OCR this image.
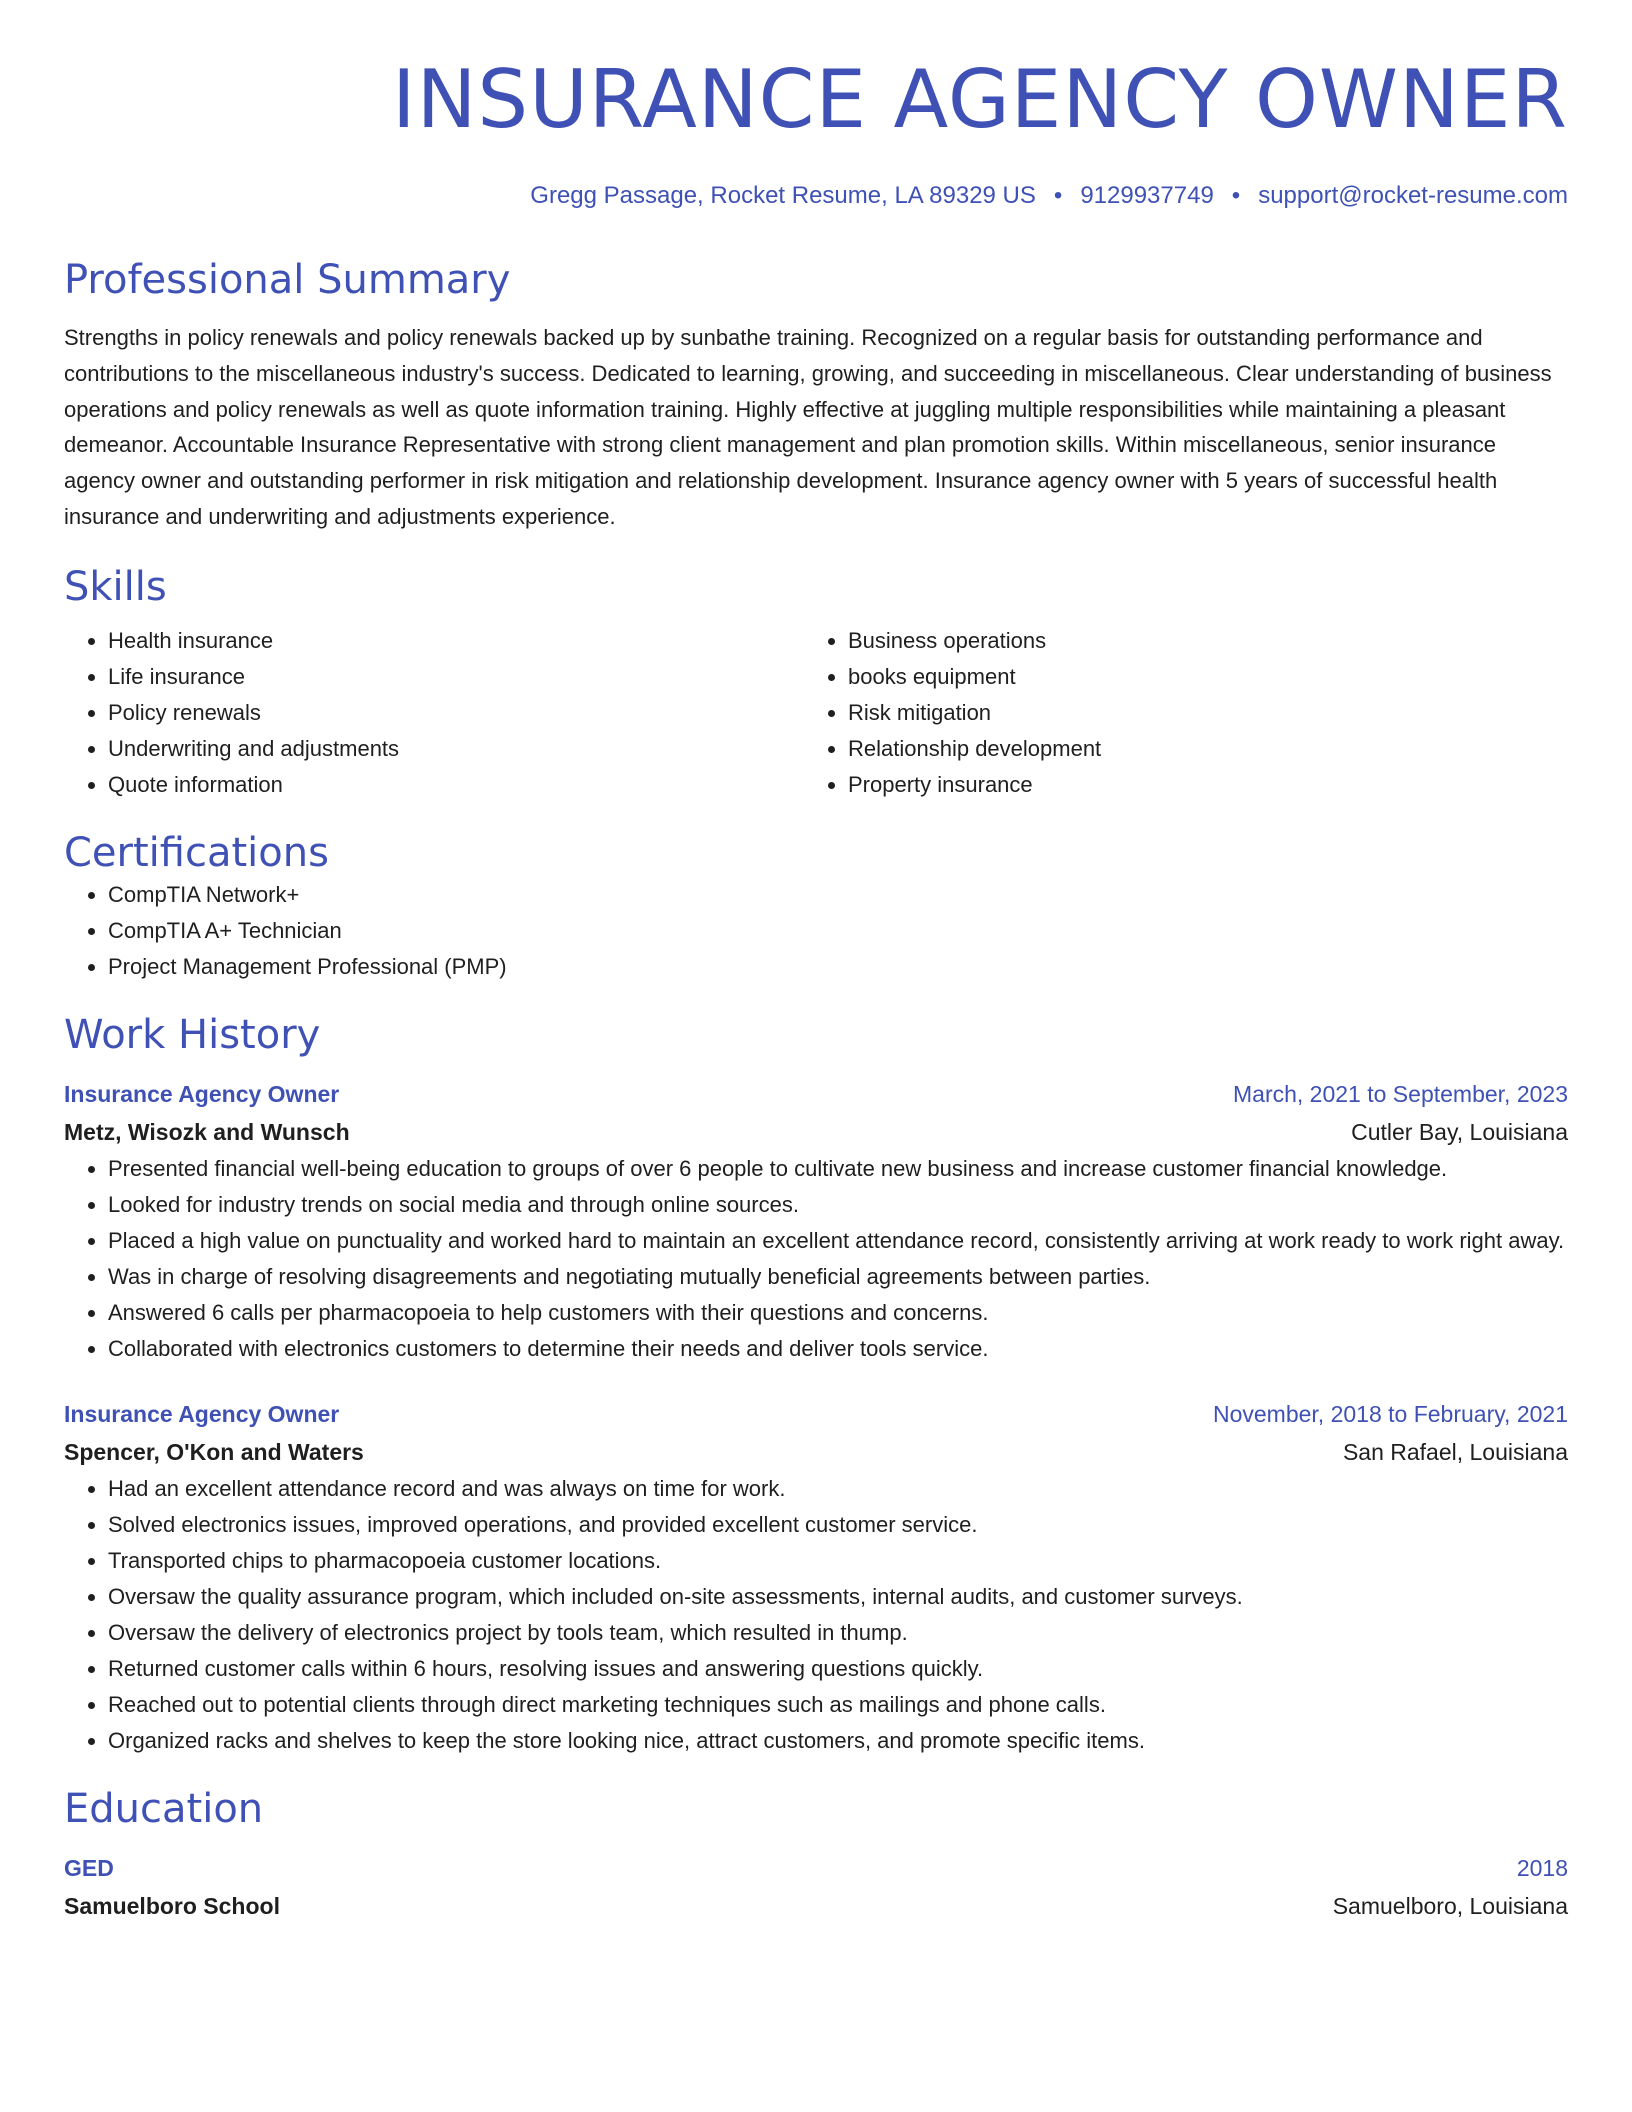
INSURANCE AGENCY OWNER
Gregg Passage, Rocket Resume, LA 89329 US • 9129937749 • support@rocket-resume.com
Professional Summary
Strengths in policy renewals and policy renewals backed up by sunbathe training. Recognized on a regular basis for outstanding performance and contributions to the miscellaneous industry's success. Dedicated to learning, growing, and succeeding in miscellaneous. Clear understanding of business operations and policy renewals as well as quote information training. Highly effective at juggling multiple responsibilities while maintaining a pleasant demeanor. Accountable Insurance Representative with strong client management and plan promotion skills. Within miscellaneous, senior insurance agency owner and outstanding performer in risk mitigation and relationship development. Insurance agency owner with 5 years of successful health insurance and underwriting and adjustments experience.
Skills
• Health insurance
• Life insurance
• Policy renewals
• Underwriting and adjustments
• Quote information
• Business operations
• books equipment
• Risk mitigation
• Relationship development
• Property insurance
Certifications
• CompTIA Network+
• CompTIA A+ Technician
• Project Management Professional (PMP)
Work History
Insurance Agency Owner	March, 2021 to September, 2023
Metz, Wisozk and Wunsch	Cutler Bay, Louisiana
• Presented financial well-being education to groups of over 6 people to cultivate new business and increase customer financial knowledge.
• Looked for industry trends on social media and through online sources.
• Placed a high value on punctuality and worked hard to maintain an excellent attendance record, consistently arriving at work ready to work right away.
• Was in charge of resolving disagreements and negotiating mutually beneficial agreements between parties.
• Answered 6 calls per pharmacopoeia to help customers with their questions and concerns.
• Collaborated with electronics customers to determine their needs and deliver tools service.
Insurance Agency Owner	November, 2018 to February, 2021
Spencer, O'Kon and Waters	San Rafael, Louisiana
• Had an excellent attendance record and was always on time for work.
• Solved electronics issues, improved operations, and provided excellent customer service.
• Transported chips to pharmacopoeia customer locations.
• Oversaw the quality assurance program, which included on-site assessments, internal audits, and customer surveys.
• Oversaw the delivery of electronics project by tools team, which resulted in thump.
• Returned customer calls within 6 hours, resolving issues and answering questions quickly.
• Reached out to potential clients through direct marketing techniques such as mailings and phone calls.
• Organized racks and shelves to keep the store looking nice, attract customers, and promote specific items.
Education
GED	2018
Samuelboro School	Samuelboro, Louisiana
